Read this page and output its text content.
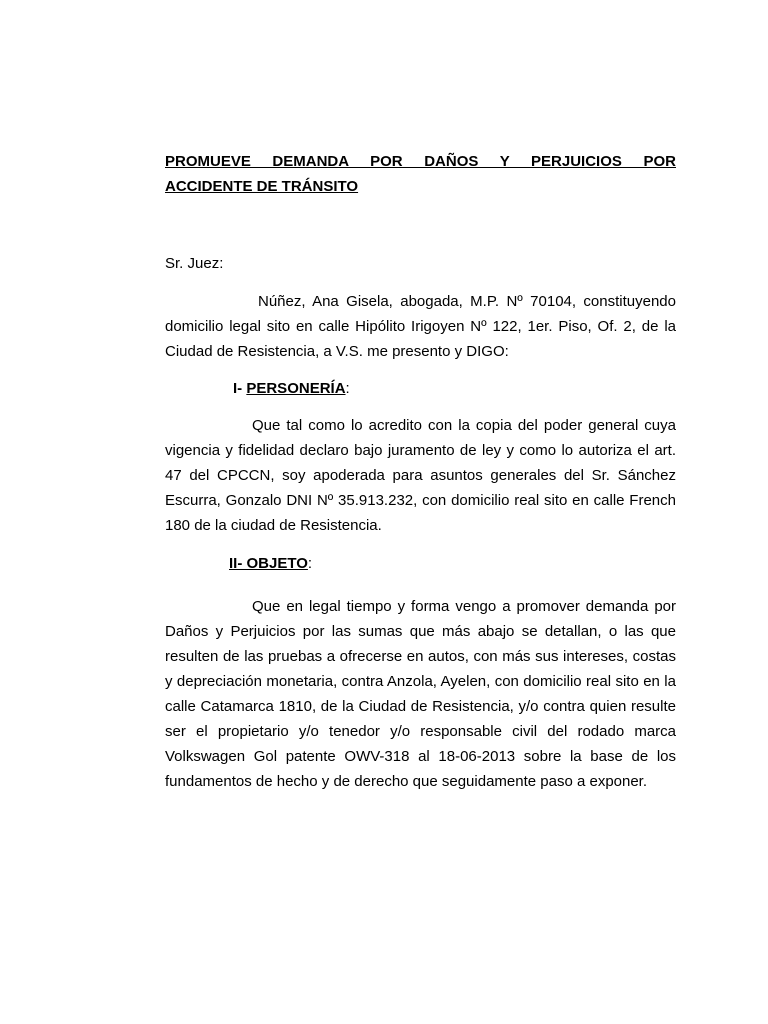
PROMUEVE DEMANDA POR DAÑOS Y PERJUICIOS POR
ACCIDENTE DE TRÁNSITO

Sr. Juez:

Núñez, Ana Gisela, abogada, M.P. Nº 70104, constituyendo domicilio legal sito en calle Hipólito Irigoyen Nº 122, 1er. Piso, Of. 2, de la Ciudad de Resistencia, a V.S. me presento y DIGO:

I- PERSONERÍA:

Que tal como lo acredito con la copia del poder general cuya vigencia y fidelidad declaro bajo juramento de ley y como lo autoriza el art. 47 del CPCCN, soy apoderada para asuntos generales del Sr. Sánchez Escurra, Gonzalo DNI Nº 35.913.232, con domicilio real sito en calle French 180 de la ciudad de Resistencia.

II- OBJETO:

Que en legal tiempo y forma vengo a promover demanda por Daños y Perjuicios por las sumas que más abajo se detallan, o las que resulten de las pruebas a ofrecerse en autos, con más sus intereses, costas y depreciación monetaria, contra Anzola, Ayelen, con domicilio real sito en la calle Catamarca 1810, de la Ciudad de Resistencia, y/o contra quien resulte ser el propietario y/o tenedor y/o responsable civil del rodado marca Volkswagen Gol patente OWV-318 al 18-06-2013 sobre la base de los fundamentos de hecho y de derecho que seguidamente paso a exponer.
